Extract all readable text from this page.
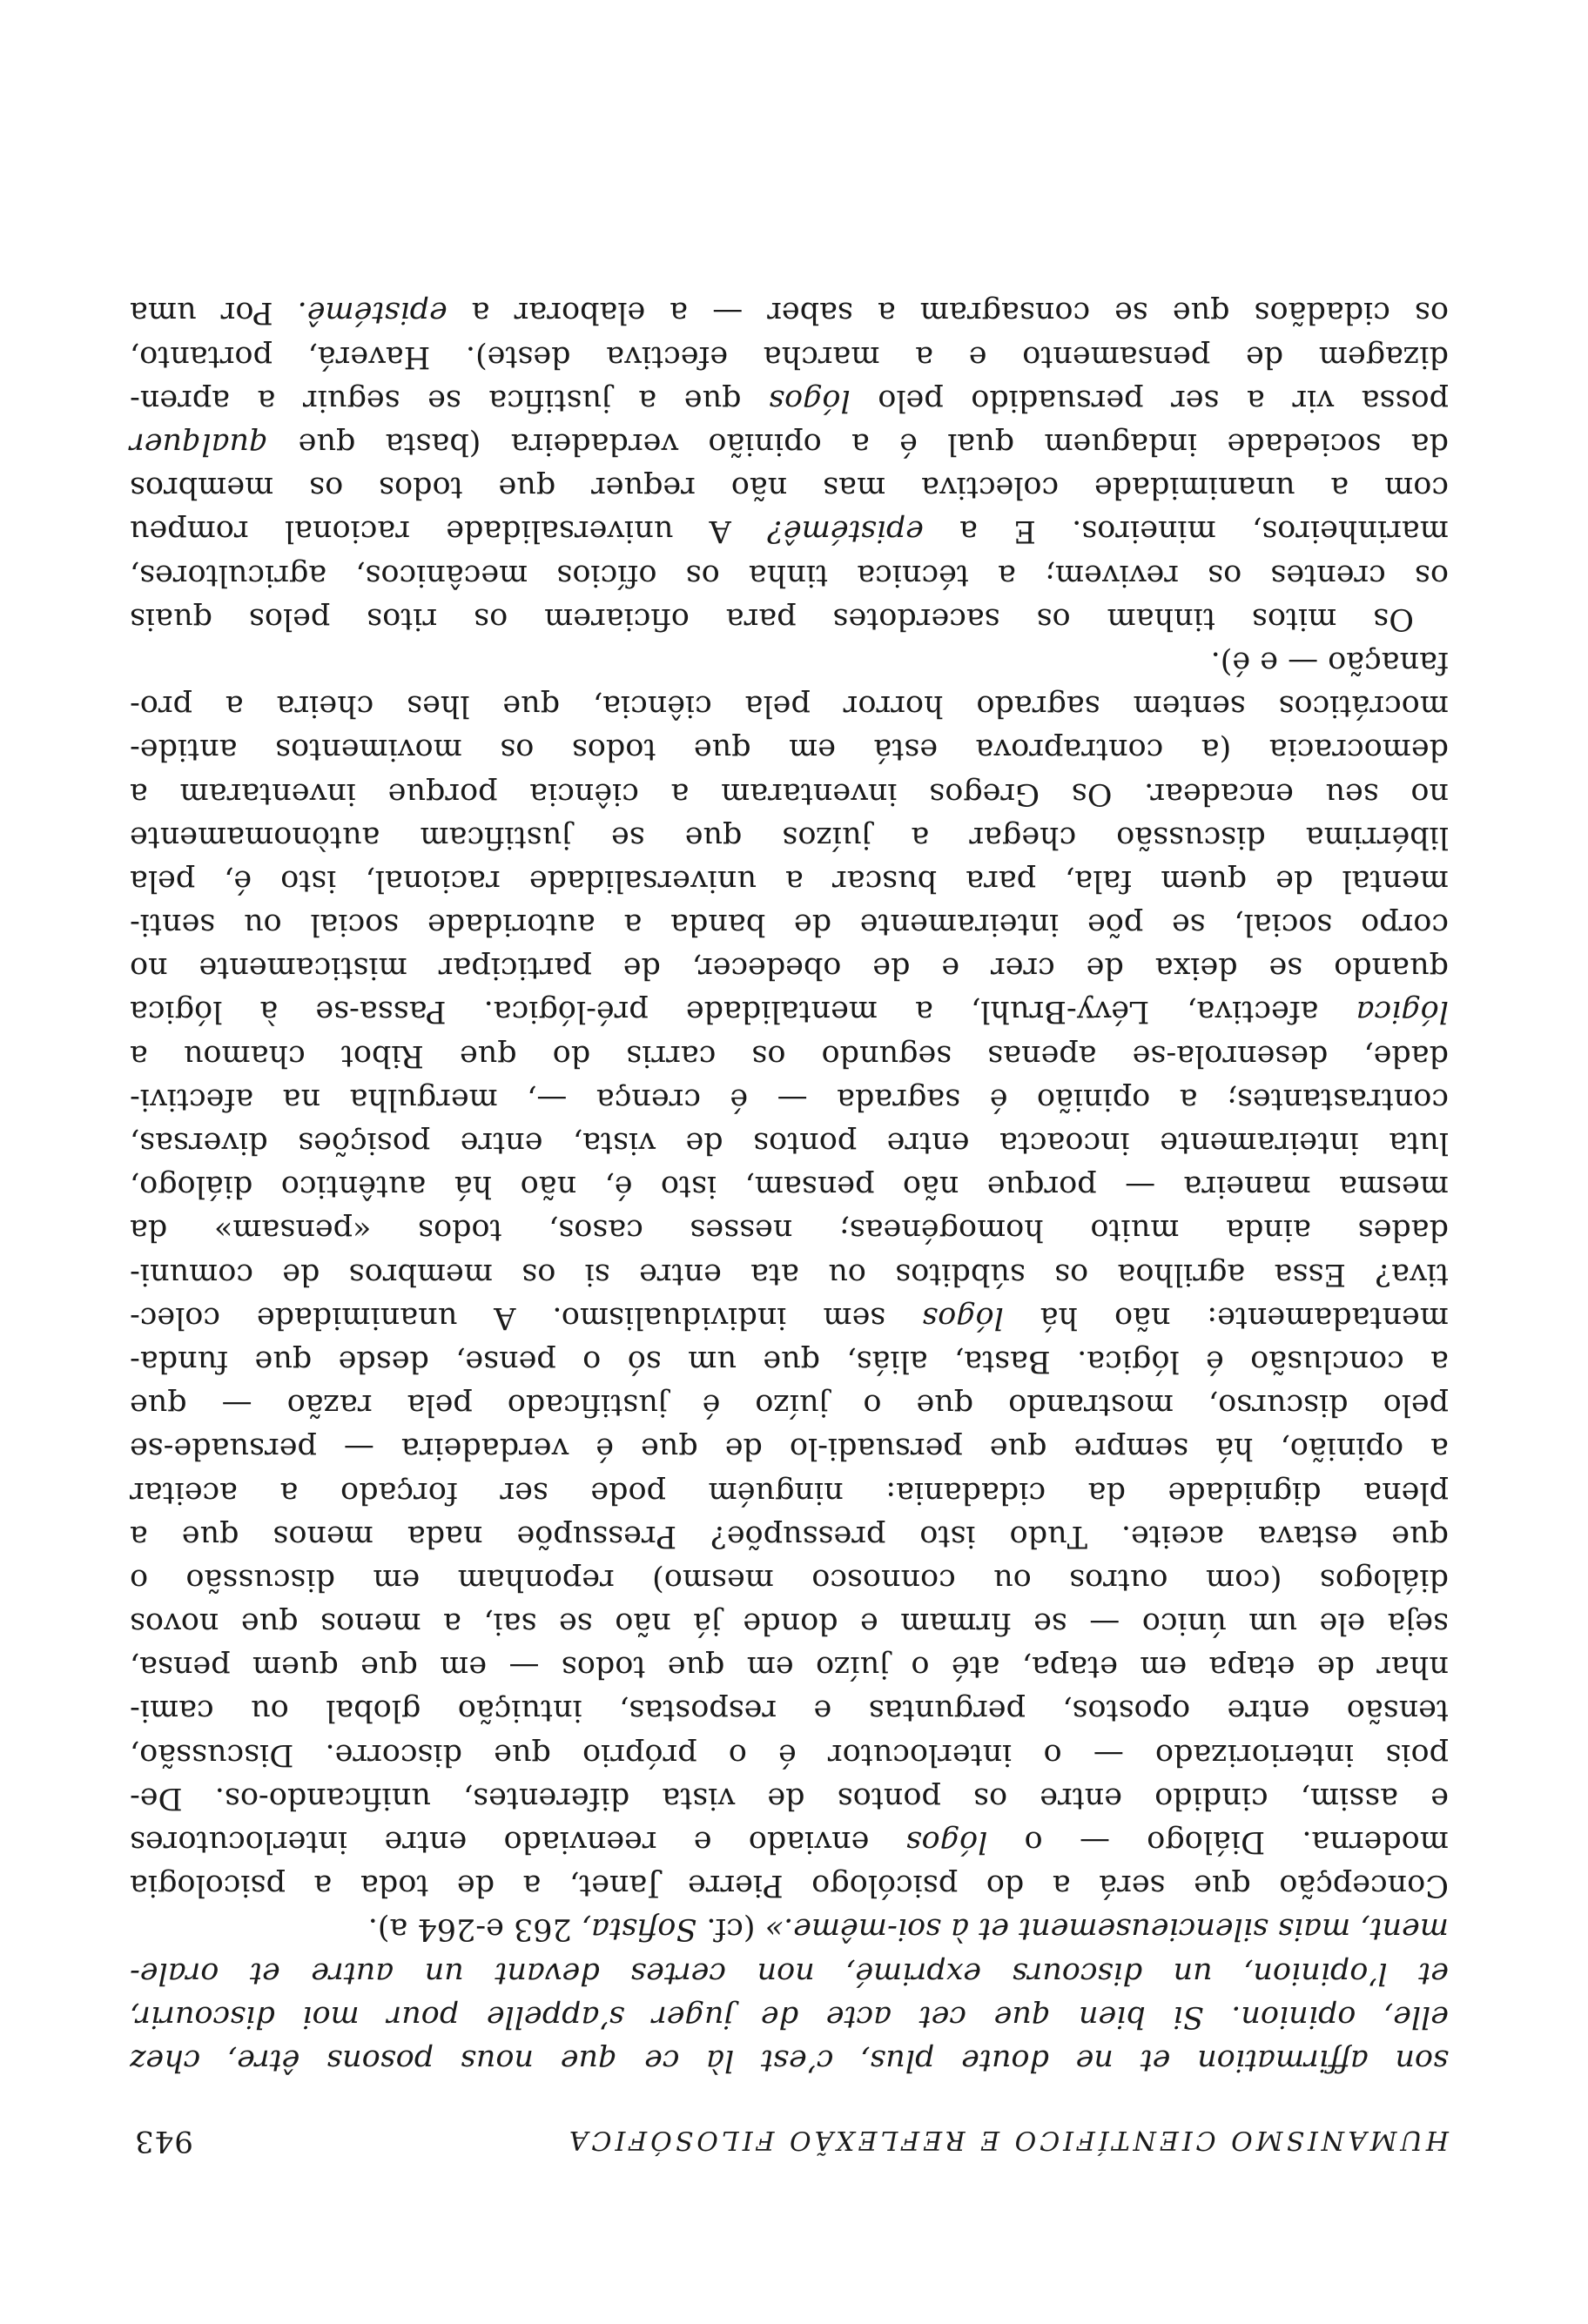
HUMANISMO CIENTÍFICO E REFLEXÃO FILOSÓFICA
943
son affirmation et ne doute plus, c’est là ce que nous posons être, chez
elle, opinion. Si bien que cet acte de juger s’appelle pour moi discourir,
et l’opinion, un discours exprimé, non certes devant un autre et orale-
ment, mais silencieusement et à soi-même.» (cf. Sofista, 263 e-264 a).
Concepção que será a do psicólogo Pierre Janet, a de toda a psicologia
moderna. Diálogo — o lógos enviado e reenviado entre interlocutores
e assim, cindido entre os pontos de vista diferentes, unificando-os. De-
pois interiorizado — o interlocutor é o próprio que discorre. Discussão,
tensão entre opostos, perguntas e respostas, intuição global ou cami-
nhar de etapa em etapa, até o juízo em que todos — em que quem pensa,
seja ele um único — se firmam e donde já não se sai, a menos que novos
diálogos (com outros ou connosco mesmo) reponham em discussão o
que estava aceite. Tudo isto pressupõe? Pressupõe nada menos que a
plena dignidade da cidadania: ninguém pode ser forçado a aceitar
a opinião, há sempre que persuadi-lo de que é verdadeira — persuade-se
pelo discurso, mostrando que o juízo é justificado pela razão — que
a conclusão é lógica. Basta, aliás, que um só o pense, desde que funda-
mentadamente: não há lógos sem individualismo. A unanimidade colec-
tiva? Essa agrilhoa os súbditos ou ata entre si os membros de comuni-
dades ainda muito homogéneas; nesses casos, todos «pensam» da
mesma maneira — porque não pensam, isto é, não há autêntico diálogo,
luta inteiramente incoacta entre pontos de vista, entre posições diversas,
contrastantes; a opinião é sagrada — é crença —, mergulha na afectivi-
dade, desenrola-se apenas segundo os carris do que Ribot chamou a
lógica afectiva, Lévy-Bruhl, a mentalidade pré-lógica. Passa-se à lógica
quando se deixa de crer e de obedecer, de participar misticamente no
corpo social, se põe inteiramente de banda a autoridade social ou senti-
mental de quem fala, para buscar a universalidade racional, isto é, pela
libérrima discussão chegar a juízos que se justificam autònomamente
no seu encadear. Os Gregos inventaram a ciência porque inventaram a
democracia (a contraprova está em que todos os movimentos antide-
mocráticos sentem sagrado horror pela ciência, que lhes cheira a pro-
fanação — e é).
Os mitos tinham os sacerdotes para oficiarem os ritos pelos quais
os crentes os revivem; a técnica tinha os ofícios mecânicos, agricultores,
marinheiros, mineiros. E a epistémê? A universalidade racional rompeu
com a unanimidade colectiva mas não requer que todos os membros
da sociedade indaguem qual é a opinião verdadeira (basta que qualquer
possa vir a ser persuadido pelo lógos que a justifica se seguir a apren-
dizagem de pensamento e a marcha efectiva deste). Haverá, portanto,
os cidadãos que se consagram a saber — a elaborar a epistémê. Por uma
